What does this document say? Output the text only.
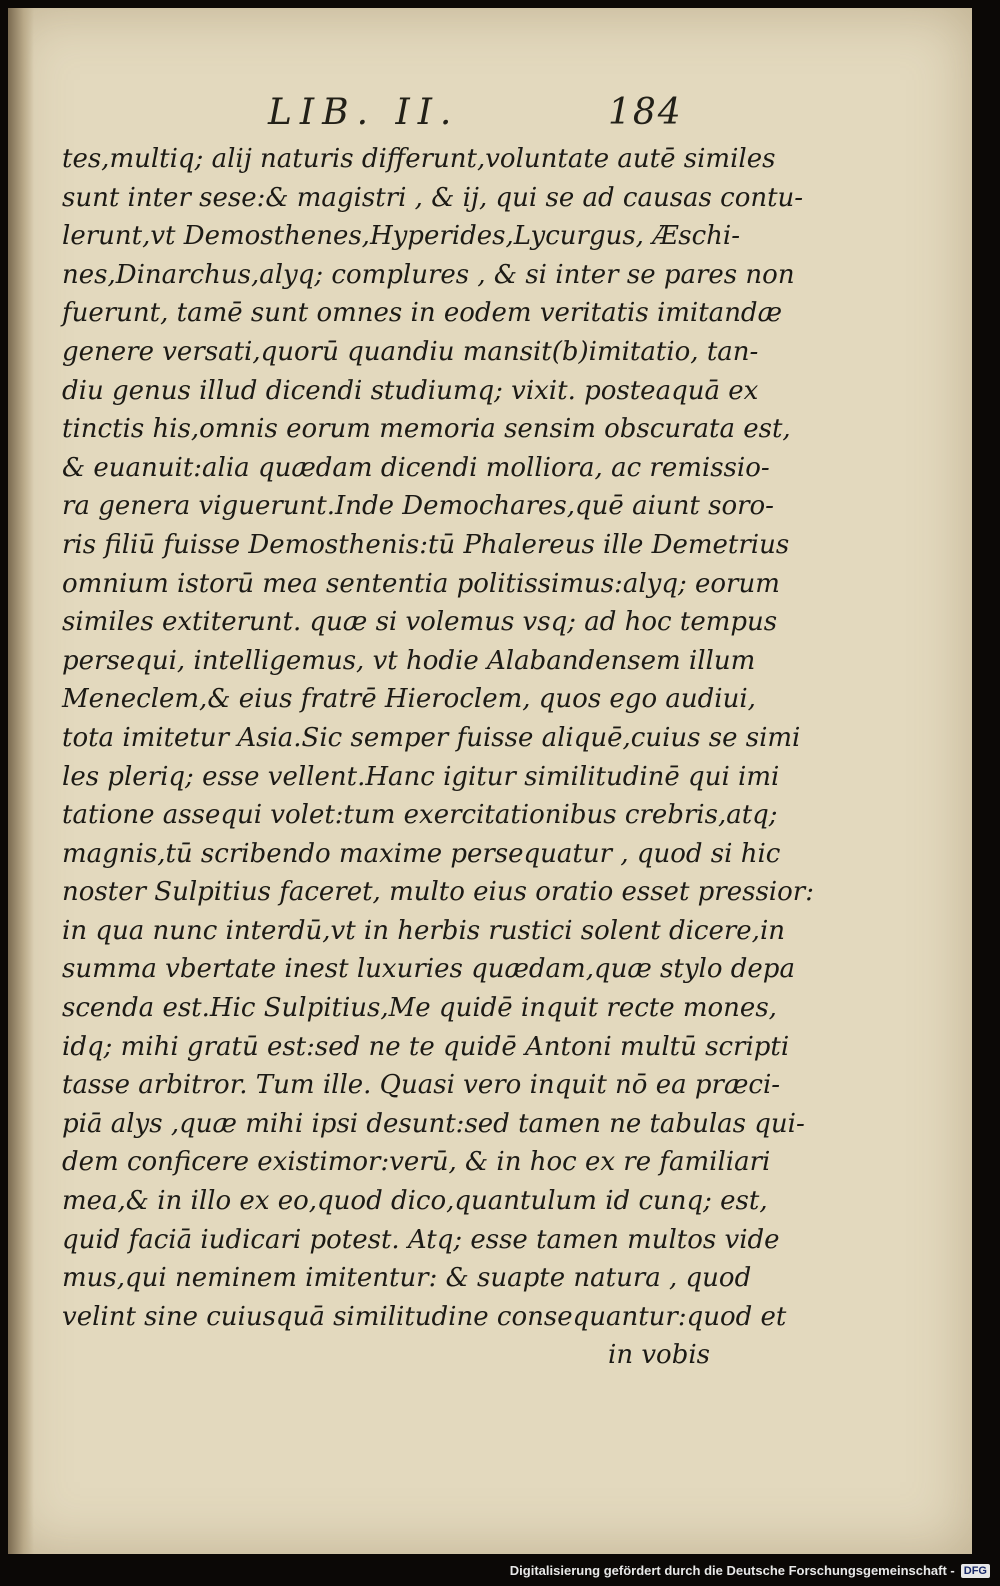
LIB. II.	184
tes,multiq; alij naturis differunt,voluntate autē similes
sunt inter sese:& magistri , & ij, qui se ad causas contu-
lerunt,vt Demosthenes,Hyperides,Lycurgus, Æschi-
nes,Dinarchus,alyq; complures , & si inter se pares non
fuerunt, tamē sunt omnes in eodem veritatis imitandæ
genere versati,quorū quandiu mansit(b)imitatio, tan-
diu genus illud dicendi studiumq; vixit. posteaquā ex
tinctis his,omnis eorum memoria sensim obscurata est,
& euanuit:alia quædam dicendi molliora, ac remissio-
ra genera viguerunt.Inde Demochares,quē aiunt soro-
ris filiū fuisse Demosthenis:tū Phalereus ille Demetrius
omnium istorū mea sententia politissimus:alyq; eorum
similes extiterunt. quæ si volemus vsq; ad hoc tempus
persequi, intelligemus, vt hodie Alabandensem illum
Meneclem,& eius fratrē Hieroclem, quos ego audiui,
tota imitetur Asia.Sic semper fuisse aliquē,cuius se simi
les pleriq; esse vellent.Hanc igitur similitudinē qui imi
tatione assequi volet:tum exercitationibus crebris,atq;
magnis,tū scribendo maxime persequatur , quod si hic
noster Sulpitius faceret, multo eius oratio esset pressior:
in qua nunc interdū,vt in herbis rustici solent dicere,in
summa vbertate inest luxuries quædam,quæ stylo depa
scenda est.Hic Sulpitius,Me quidē inquit recte mones,
idq; mihi gratū est:sed ne te quidē Antoni multū scripti
tasse arbitror. Tum ille. Quasi vero inquit nō ea præci-
piā alys ,quæ mihi ipsi desunt:sed tamen ne tabulas qui-
dem conficere existimor:verū, & in hoc ex re familiari
mea,& in illo ex eo,quod dico,quantulum id cunq; est,
quid faciā iudicari potest. Atq; esse tamen multos vide
mus,qui neminem imitentur: & suapte natura , quod
velint sine cuiusquā similitudine consequantur:quod et
in vobis
Digitalisierung gefördert durch die Deutsche Forschungsgemeinschaft - DFG
